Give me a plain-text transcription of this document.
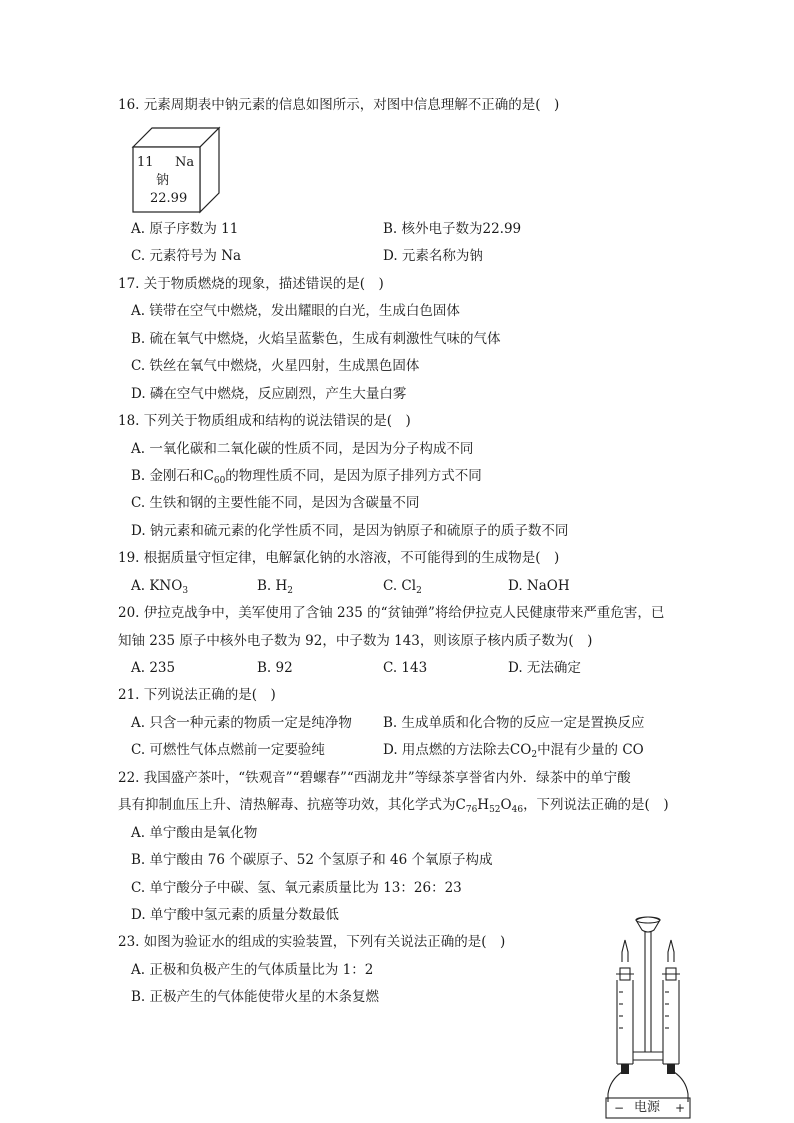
16. 元素周期表中钠元素的信息如图所示，对图中信息理解不正确的是(　)
11 Na
钠
22.99
A. 原子序数为 11	B. 核外电子数为22.99
C. 元素符号为 Na	D. 元素名称为钠
17. 关于物质燃烧的现象，描述错误的是(　)
A. 镁带在空气中燃烧，发出耀眼的白光，生成白色固体
B. 硫在氧气中燃烧，火焰呈蓝紫色，生成有刺激性气味的气体
C. 铁丝在氧气中燃烧，火星四射，生成黑色固体
D. 磷在空气中燃烧，反应剧烈，产生大量白雾
18. 下列关于物质组成和结构的说法错误的是(　)
A. 一氧化碳和二氧化碳的性质不同，是因为分子构成不同
B. 金刚石和$C_{60}$的物理性质不同，是因为原子排列方式不同
C. 生铁和钢的主要性能不同，是因为含碳量不同
D. 钠元素和硫元素的化学性质不同，是因为钠原子和硫原子的质子数不同
19. 根据质量守恒定律，电解氯化钠的水溶液，不可能得到的生成物是(　)
A. $KNO_3$	B. $H_2$	C. $Cl_2$	D. NaOH
20. 伊拉克战争中，美军使用了含铀 235 的“贫铀弹”将给伊拉克人民健康带来严重危害，已
知铀 235 原子中核外电子数为 92，中子数为 143，则该原子核内质子数为(　)
A. 235	B. 92	C. 143	D. 无法确定
21. 下列说法正确的是(　)
A. 只含一种元素的物质一定是纯净物 B. 生成单质和化合物的反应一定是置换反应
C. 可燃性气体点燃前一定要验纯	D. 用点燃的方法除去$CO_2$中混有少量的 CO
22. 我国盛产茶叶，“铁观音”“碧螺春”“西湖龙井”等绿茶享誉省内外．绿茶中的单宁酸
具有抑制血压上升、清热解毒、抗癌等功效，其化学式为$C_{76}H_{52}O_{46}$，下列说法正确的是(　)
A. 单宁酸由是氧化物
B. 单宁酸由 76 个碳原子、52 个氢原子和 46 个氧原子构成
C. 单宁酸分子中碳、氢、氧元素质量比为 13：26：23
D. 单宁酸中氢元素的质量分数最低
23. 如图为验证水的组成的实验装置，下列有关说法正确的是(　)
A. 正极和负极产生的气体质量比为 1：2
B. 正极产生的气体能使带火星的木条复燃
− 电源 +
